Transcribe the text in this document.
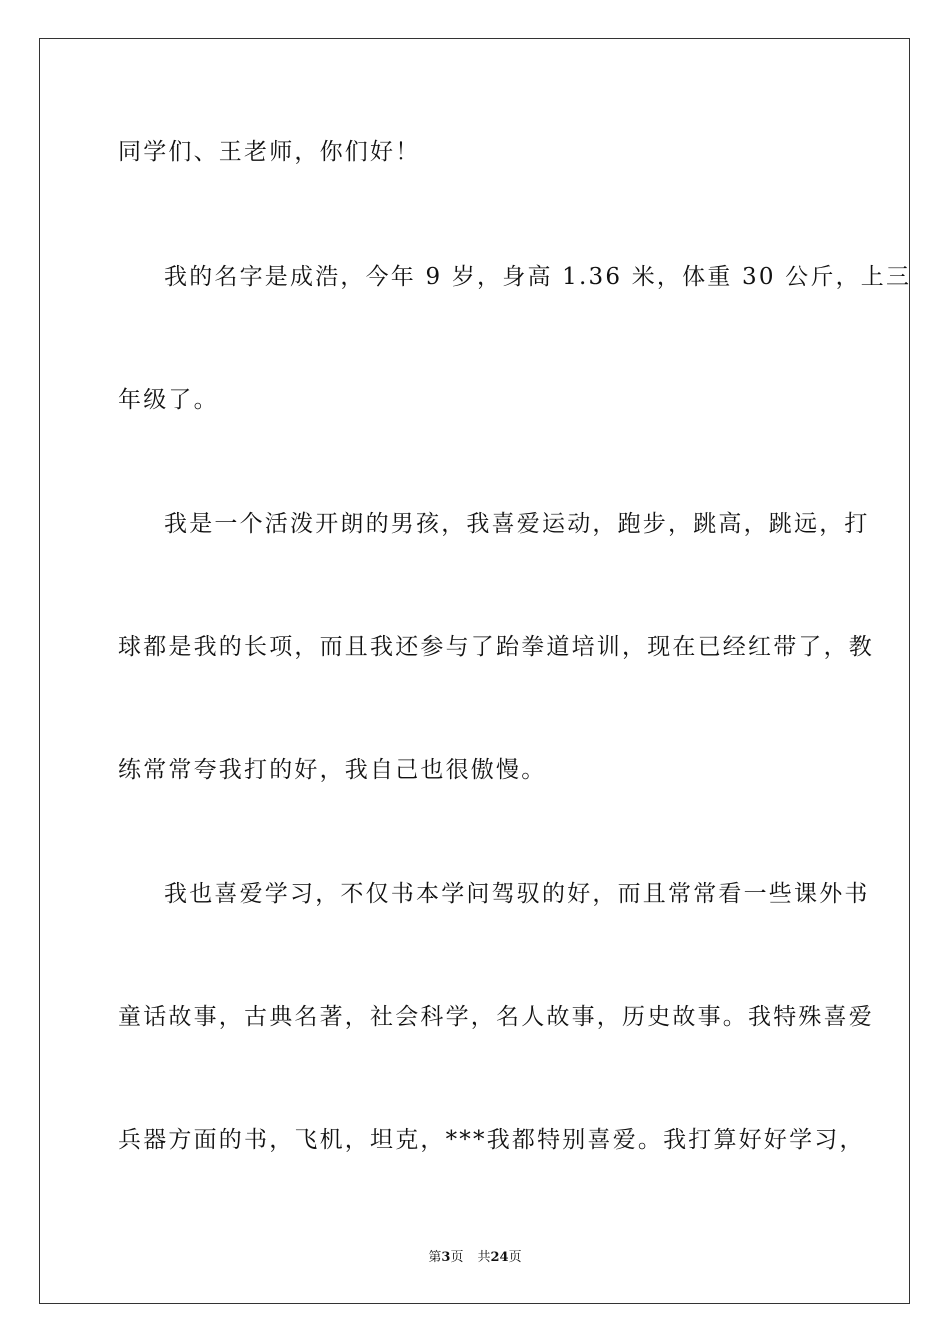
同学们、王老师，你们好！
我的名字是成浩，今年 9 岁，身高 1.36 米，体重 30 公斤，上三
年级了。
我是一个活泼开朗的男孩，我喜爱运动，跑步，跳高，跳远，打
球都是我的长项，而且我还参与了跆拳道培训，现在已经红带了，教
练常常夸我打的好，我自己也很傲慢。
我也喜爱学习，不仅书本学问驾驭的好，而且常常看一些课外书
童话故事，古典名著，社会科学，名人故事，历史故事。我特殊喜爱
兵器方面的书，飞机，坦克，***我都特别喜爱。我打算好好学习，
第3页 共24页
